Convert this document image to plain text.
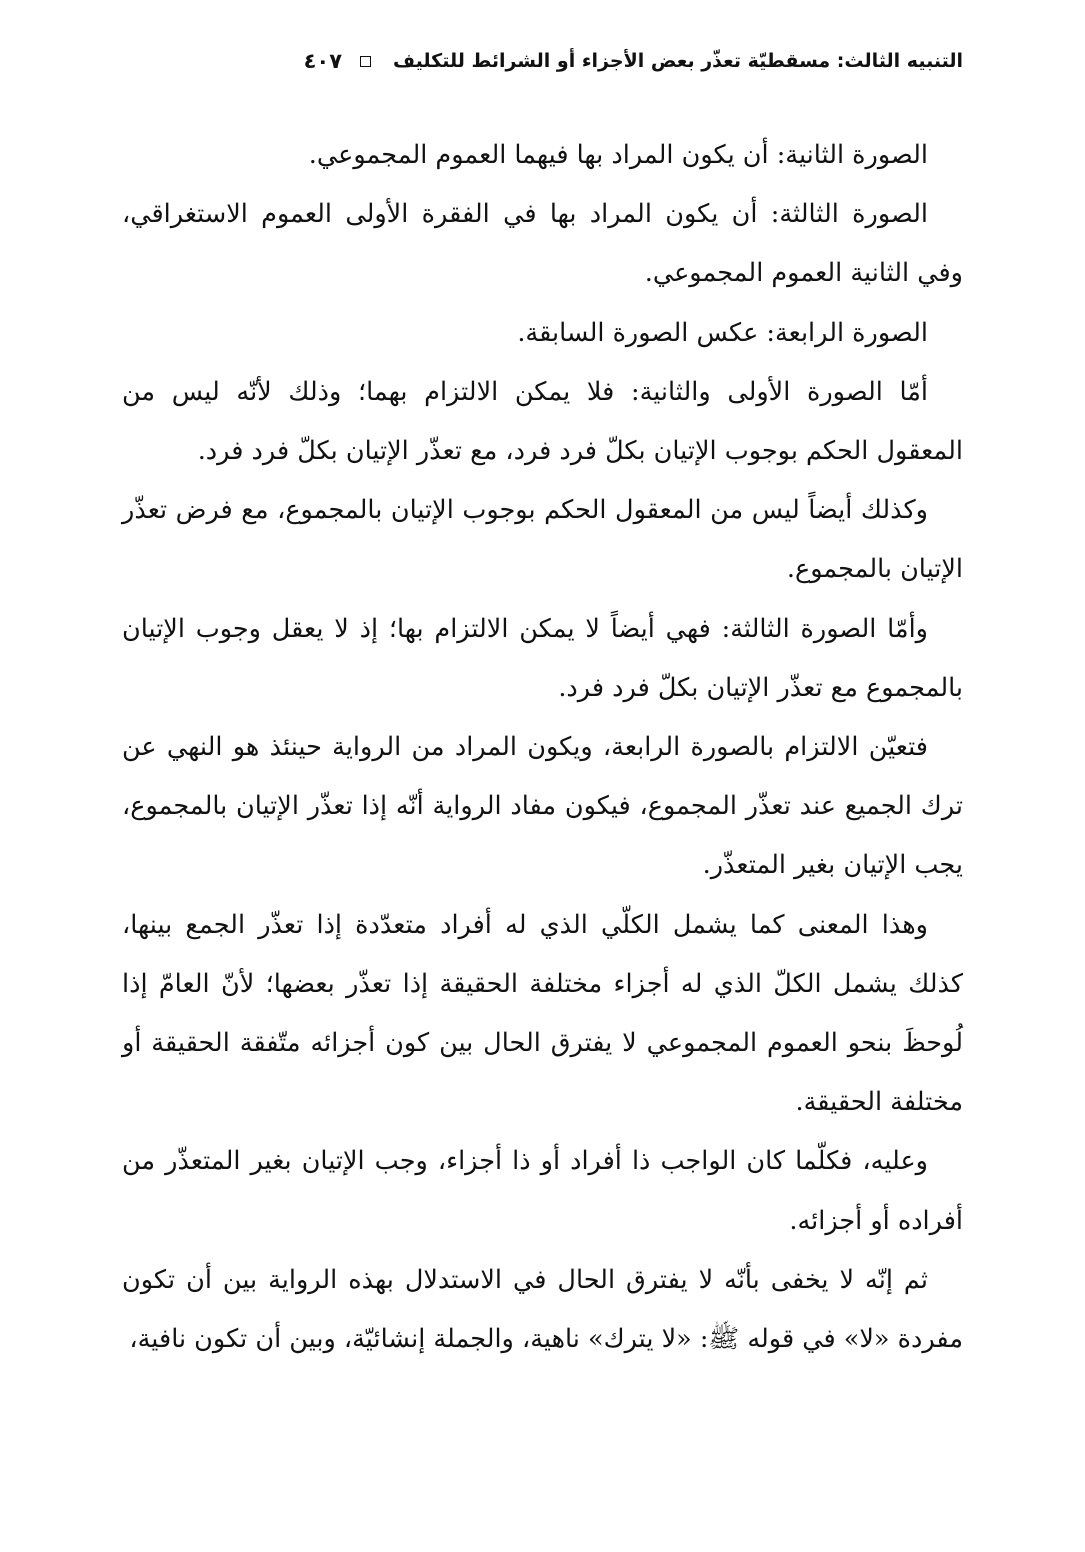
التنبيه الثالث: مسقطيّة تعذّر بعض الأجزاء أو الشرائط للتكليف
٤٠٧

الصورة الثانية: أن يكون المراد بها فيهما العموم المجموعي.

الصورة الثالثة: أن يكون المراد بها في الفقرة الأولى العموم الاستغراقي، وفي الثانية العموم المجموعي.

الصورة الرابعة: عكس الصورة السابقة.

أمّا الصورة الأولى والثانية: فلا يمكن الالتزام بهما؛ وذلك لأنّه ليس من المعقول الحكم بوجوب الإتيان بكلّ فرد فرد، مع تعذّر الإتيان بكلّ فرد فرد.

وكذلك أيضاً ليس من المعقول الحكم بوجوب الإتيان بالمجموع، مع فرض تعذّر الإتيان بالمجموع.

وأمّا الصورة الثالثة: فهي أيضاً لا يمكن الالتزام بها؛ إذ لا يعقل وجوب الإتيان بالمجموع مع تعذّر الإتيان بكلّ فرد فرد.

فتعيّن الالتزام بالصورة الرابعة، ويكون المراد من الرواية حينئذ هو النهي عن ترك الجميع عند تعذّر المجموع، فيكون مفاد الرواية أنّه إذا تعذّر الإتيان بالمجموع، يجب الإتيان بغير المتعذّر.

وهذا المعنى كما يشمل الكلّي الذي له أفراد متعدّدة إذا تعذّر الجمع بينها، كذلك يشمل الكلّ الذي له أجزاء مختلفة الحقيقة إذا تعذّر بعضها؛ لأنّ العامّ إذا لُوحظَ بنحو العموم المجموعي لا يفترق الحال بين كون أجزائه متّفقة الحقيقة أو مختلفة الحقيقة.

وعليه، فكلّما كان الواجب ذا أفراد أو ذا أجزاء، وجب الإتيان بغير المتعذّر من أفراده أو أجزائه.

ثم إنّه لا يخفى بأنّه لا يفترق الحال في الاستدلال بهذه الرواية بين أن تكون مفردة «لا» في قوله ﷺ: «لا يترك» ناهية، والجملة إنشائيّة، وبين أن تكون نافية،
